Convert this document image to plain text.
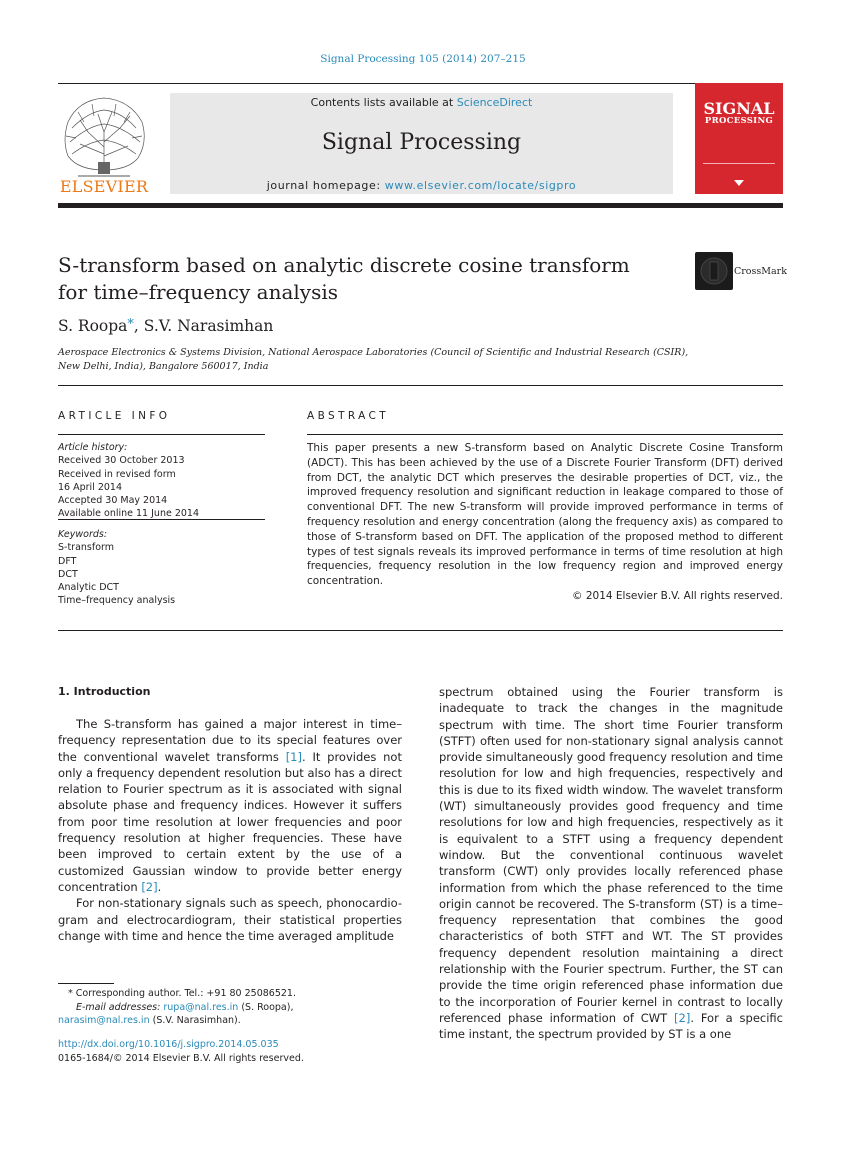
Signal Processing 105 (2014) 207–215
ELSEVIER
Contents lists available at ScienceDirect
Signal Processing
journal homepage: www.elsevier.com/locate/sigpro
SIGNAL
PROCESSING
S-transform based on analytic discrete cosine transform
for time–frequency analysis
CrossMark
S. Roopa*, S.V. Narasimhan
Aerospace Electronics & Systems Division, National Aerospace Laboratories (Council of Scientific and Industrial Research (CSIR),
New Delhi, India), Bangalore 560017, India
ARTICLE INFO	ABSTRACT
Article history:
Received 30 October 2013
Received in revised form
16 April 2014
Accepted 30 May 2014
Available online 11 June 2014
Keywords:
S-transform
DFT
DCT
Analytic DCT
Time–frequency analysis
This paper presents a new S-transform based on Analytic Discrete Cosine Transform (ADCT). This has been achieved by the use of a Discrete Fourier Transform (DFT) derived from DCT, the analytic DCT which preserves the desirable properties of DCT, viz., the improved frequency resolution and significant reduction in leakage compared to those of conventional DFT. The new S-transform will provide improved performance in terms of frequency resolution and energy concentration (along the frequency axis) as compared to those of S-transform based on DFT. The application of the proposed method to different types of test signals reveals its improved performance in terms of time resolution at high frequencies, frequency resolution in the low frequency region and improved energy concentration.
© 2014 Elsevier B.V. All rights reserved.
1. Introduction

The S-transform has gained a major interest in time–frequency representation due to its special features over the conventional wavelet transforms [1]. It provides not only a frequency dependent resolution but also has a direct relation to Fourier spectrum as it is associated with signal absolute phase and frequency indices. However it suffers from poor time resolution at lower frequencies and poor frequency resolution at higher frequencies. These have been improved to certain extent by the use of a customized Gaussian window to provide better energy concentration [2].

For non-stationary signals such as speech, phonocardio-gram and electrocardiogram, their statistical properties change with time and hence the time averaged amplitude

spectrum obtained using the Fourier transform is inadequate to track the changes in the magnitude spectrum with time. The short time Fourier transform (STFT) often used for non-stationary signal analysis cannot provide simultaneously good frequency resolution and time resolution for low and high frequencies, respectively and this is due to its fixed width window. The wavelet transform (WT) simultaneously provides good frequency and time resolutions for low and high frequencies, respectively as it is equivalent to a STFT using a frequency dependent window. But the conventional continuous wavelet transform (CWT) only provides locally referenced phase information from which the phase referenced to the time origin cannot be recovered. The S-transform (ST) is a time–frequency representation that combines the good characteristics of both STFT and WT. The ST provides frequency dependent resolution maintaining a direct relationship with the Fourier spectrum. Further, the ST can provide the time origin referenced phase information due to the incorporation of Fourier kernel in contrast to locally referenced phase information of CWT [2]. For a specific time instant, the spectrum provided by ST is a one
* Corresponding author. Tel.: +91 80 25086521.
E-mail addresses: rupa@nal.res.in (S. Roopa),
narasim@nal.res.in (S.V. Narasimhan).
http://dx.doi.org/10.1016/j.sigpro.2014.05.035
0165-1684/© 2014 Elsevier B.V. All rights reserved.
